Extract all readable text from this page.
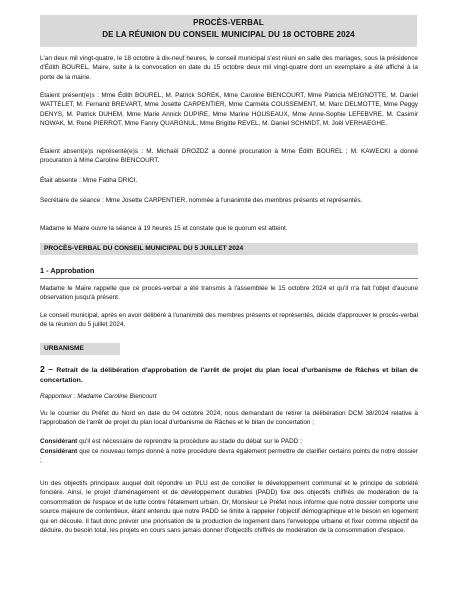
PROCÈS-VERBAL
DE LA RÉUNION DU CONSEIL MUNICIPAL DU 18 OCTOBRE 2024

L'an deux mil vingt-quatre, le 18 octobre à dix-neuf heures, le conseil municipal s'est réuni en salle des mariages, sous la présidence d'Édith BOUREL, Maire, suite à la convocation en date du 15 octobre deux mil vingt-quatre dont un exemplaire a été affiché à la porte de la mairie.

Etaient présent(e)s : Mme Édith BOUREL, M. Patrick SOREK, Mme Caroline BIENCOURT, Mme Patricia MEIGNOTTE, M. Daniel WATTELET, M. Fernand BREVART, Mme Josette CARPENTIER, Mme Carméla COUSSEMENT, M. Marc DELMOTTE, Mme Peggy DENYS, M. Patrick DUHEM, Mme Marie Annick DUPIRE, Mme Marine HOUSEAUX, Mme Anne-Sophie LEFEBVRE, M. Casimir NOWAK, M. René PIERROT, Mme Fanny QUARGNUL, Mme Brigitte REVEL, M. Daniel SCHMIDT, M. Joël VERHAEGHE.

Étaient absent(e)s représenté(e)s : M. Michaël DROZDZ a donné procuration à Mme Édith BOUREL ; M. KAWECKI a donné procuration à Mme Caroline BIENCOURT.

Était absente : Mme Fatiha DRICI.

Secrétaire de séance : Mme Josette CARPENTIER, nommée à l'unanimité des membres présents et représentés.

Madame le Maire ouvre la séance à 19 heures 15 et constate que le quorum est atteint.

PROCÈS-VERBAL DU CONSEIL MUNICIPAL DU 5 JUILLET 2024
1 - Approbation

Madame le Maire rappelle que ce procès-verbal a été transmis à l'assemblée le 15 octobre 2024 et qu'il n'a fait l'objet d'aucune observation jusqu'à présent.

Le conseil municipal, après en avoir délibéré à l'unanimité des membres présents et représentés, décide d'approuver le procès-verbal de la réunion du 5 juillet 2024.

URBANISME

2 – Retrait de la délibération d'approbation de l'arrêt de projet du plan local d'urbanisme de Râches et bilan de concertation.

Rapporteur : Madame Caroline Biencourt

Vu le courrier du Préfet du Nord en date du 04 octobre 2024, nous demandant de retirer la délibération DCM 38/2024 relative à l'approbation de l'arrêt de projet du plan local d'urbanisme de Râches et le bilan de concertation ;

Considérant qu'il est nécessaire de reprendre la procédure au stade du débat sur le PADD ;

Considérant que ce nouveau temps donné à notre procédure devra également permettre de clarifier certains points de notre dossier ;

Un des objectifs principaux auquel doit répondre un PLU est de concilier le développement communal et le principe de sobriété foncière. Ainsi, le projet d'aménagement et de développement durables (PADD) fixe des objectifs chiffrés de modération de la consommation de l'espace et de lutte contre l'étalement urbain. Or, Monsieur Le Préfet nous informe que notre dossier comporte une source majeure de contentieux, étant entendu que notre PADD se limite à rappeler l'objectif démographique et le besoin en logement qui en découle. Il faut donc prévoir une priorisation de la production de logement dans l'enveloppe urbaine et fixer comme objectif de déduire, du besoin total, les projets en cours sans jamais donner d'objectifs chiffrés de modération de la consommation d'espace.
